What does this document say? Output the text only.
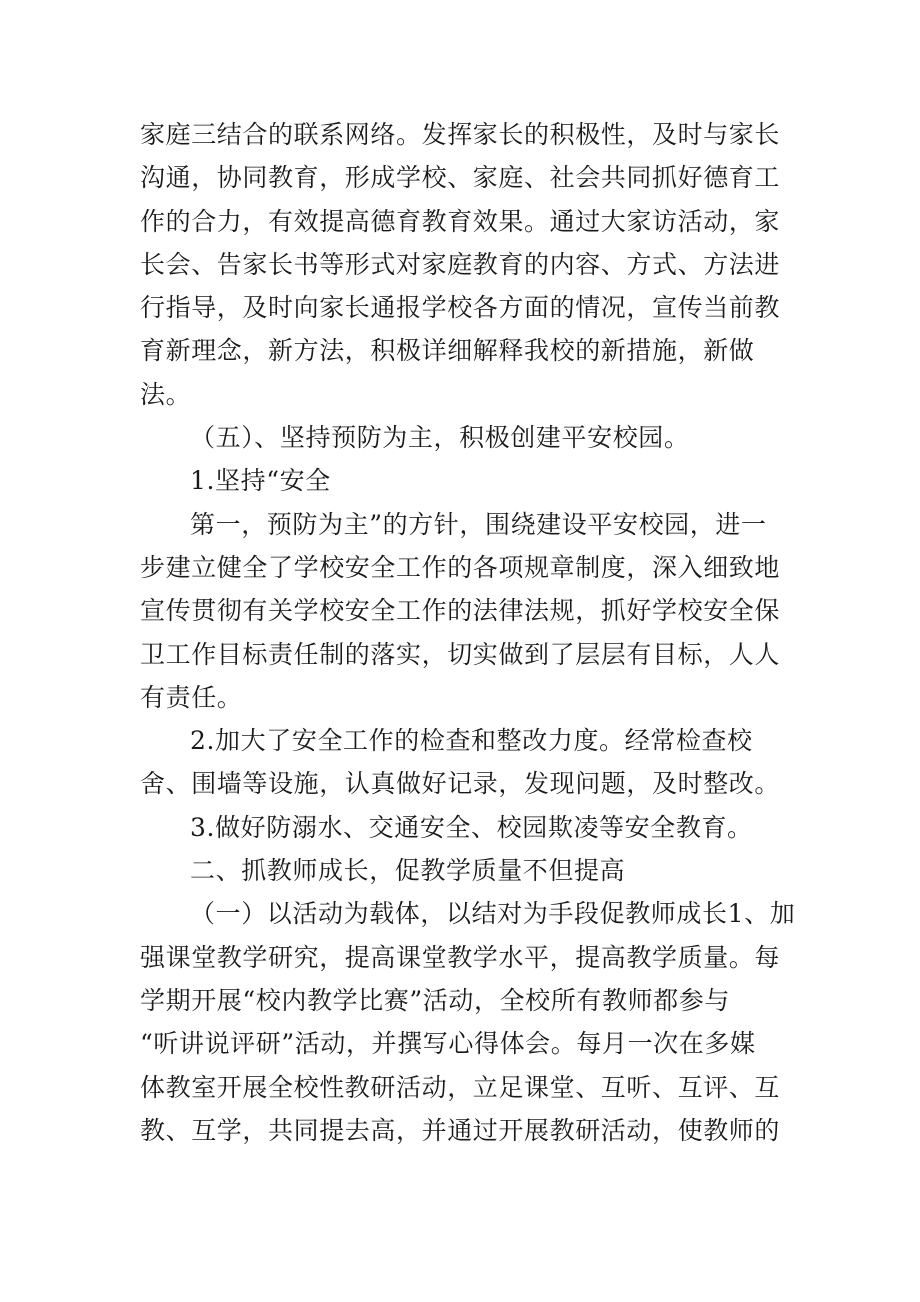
家庭三结合的联系网络。发挥家长的积极性，及时与家长
沟通，协同教育，形成学校、家庭、社会共同抓好德育工
作的合力，有效提高德育教育效果。通过大家访活动，家
长会、告家长书等形式对家庭教育的内容、方式、方法进
行指导，及时向家长通报学校各方面的情况，宣传当前教
育新理念，新方法，积极详细解释我校的新措施，新做
法。
（五）、坚持预防为主，积极创建平安校园。
1.坚持“安全
第一，预防为主”的方针，围绕建设平安校园，进一
步建立健全了学校安全工作的各项规章制度，深入细致地
宣传贯彻有关学校安全工作的法律法规，抓好学校安全保
卫工作目标责任制的落实，切实做到了层层有目标，人人
有责任。
2.加大了安全工作的检查和整改力度。经常检查校
舍、围墙等设施，认真做好记录，发现问题，及时整改。
3.做好防溺水、交通安全、校园欺凌等安全教育。
二、抓教师成长，促教学质量不但提高
（一）以活动为载体，以结对为手段促教师成长1、加
强课堂教学研究，提高课堂教学水平，提高教学质量。每
学期开展“校内教学比赛”活动，全校所有教师都参与
“听讲说评研”活动，并撰写心得体会。每月一次在多媒
体教室开展全校性教研活动，立足课堂、互听、互评、互
教、互学，共同提去高，并通过开展教研活动，使教师的
